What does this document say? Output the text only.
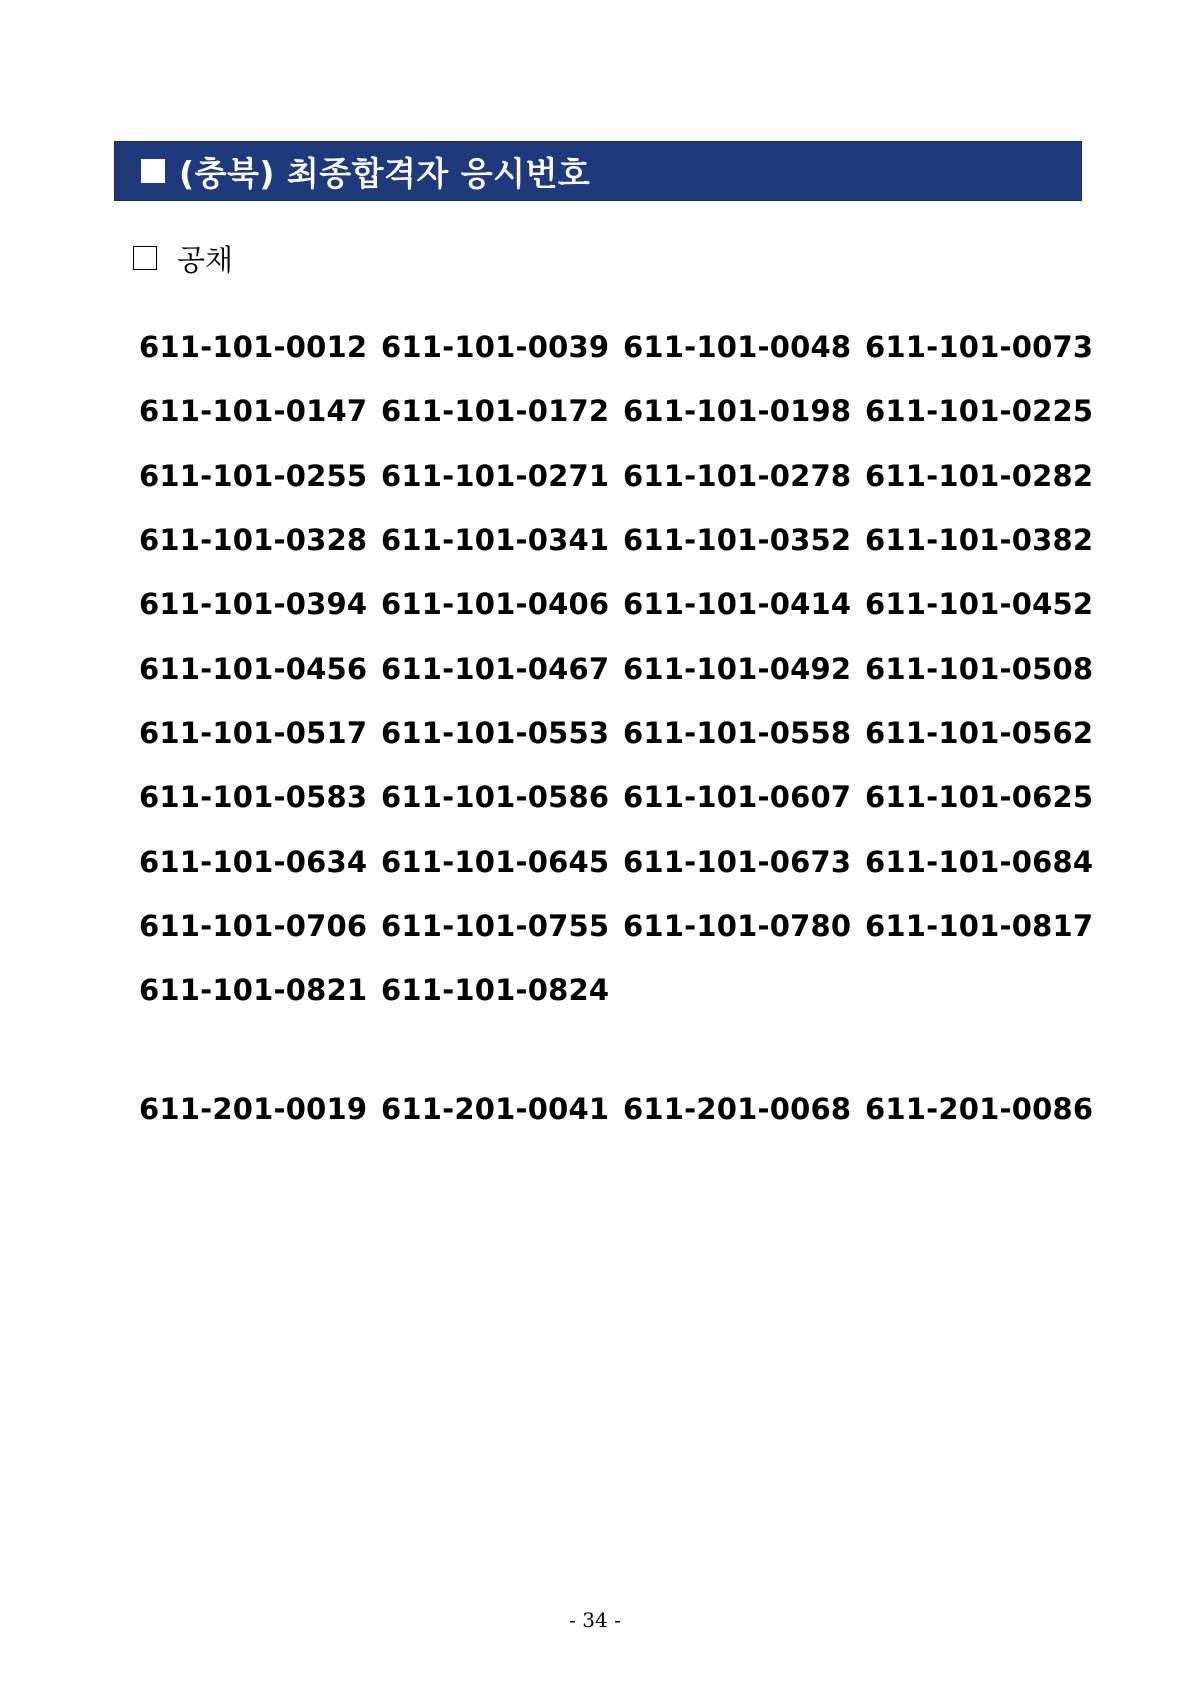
(충북) 최종합격자 응시번호
공채
611-101-0012 611-101-0039 611-101-0048 611-101-0073
611-101-0147 611-101-0172 611-101-0198 611-101-0225
611-101-0255 611-101-0271 611-101-0278 611-101-0282
611-101-0328 611-101-0341 611-101-0352 611-101-0382
611-101-0394 611-101-0406 611-101-0414 611-101-0452
611-101-0456 611-101-0467 611-101-0492 611-101-0508
611-101-0517 611-101-0553 611-101-0558 611-101-0562
611-101-0583 611-101-0586 611-101-0607 611-101-0625
611-101-0634 611-101-0645 611-101-0673 611-101-0684
611-101-0706 611-101-0755 611-101-0780 611-101-0817
611-101-0821 611-101-0824
611-201-0019 611-201-0041 611-201-0068 611-201-0086
- 34 -
